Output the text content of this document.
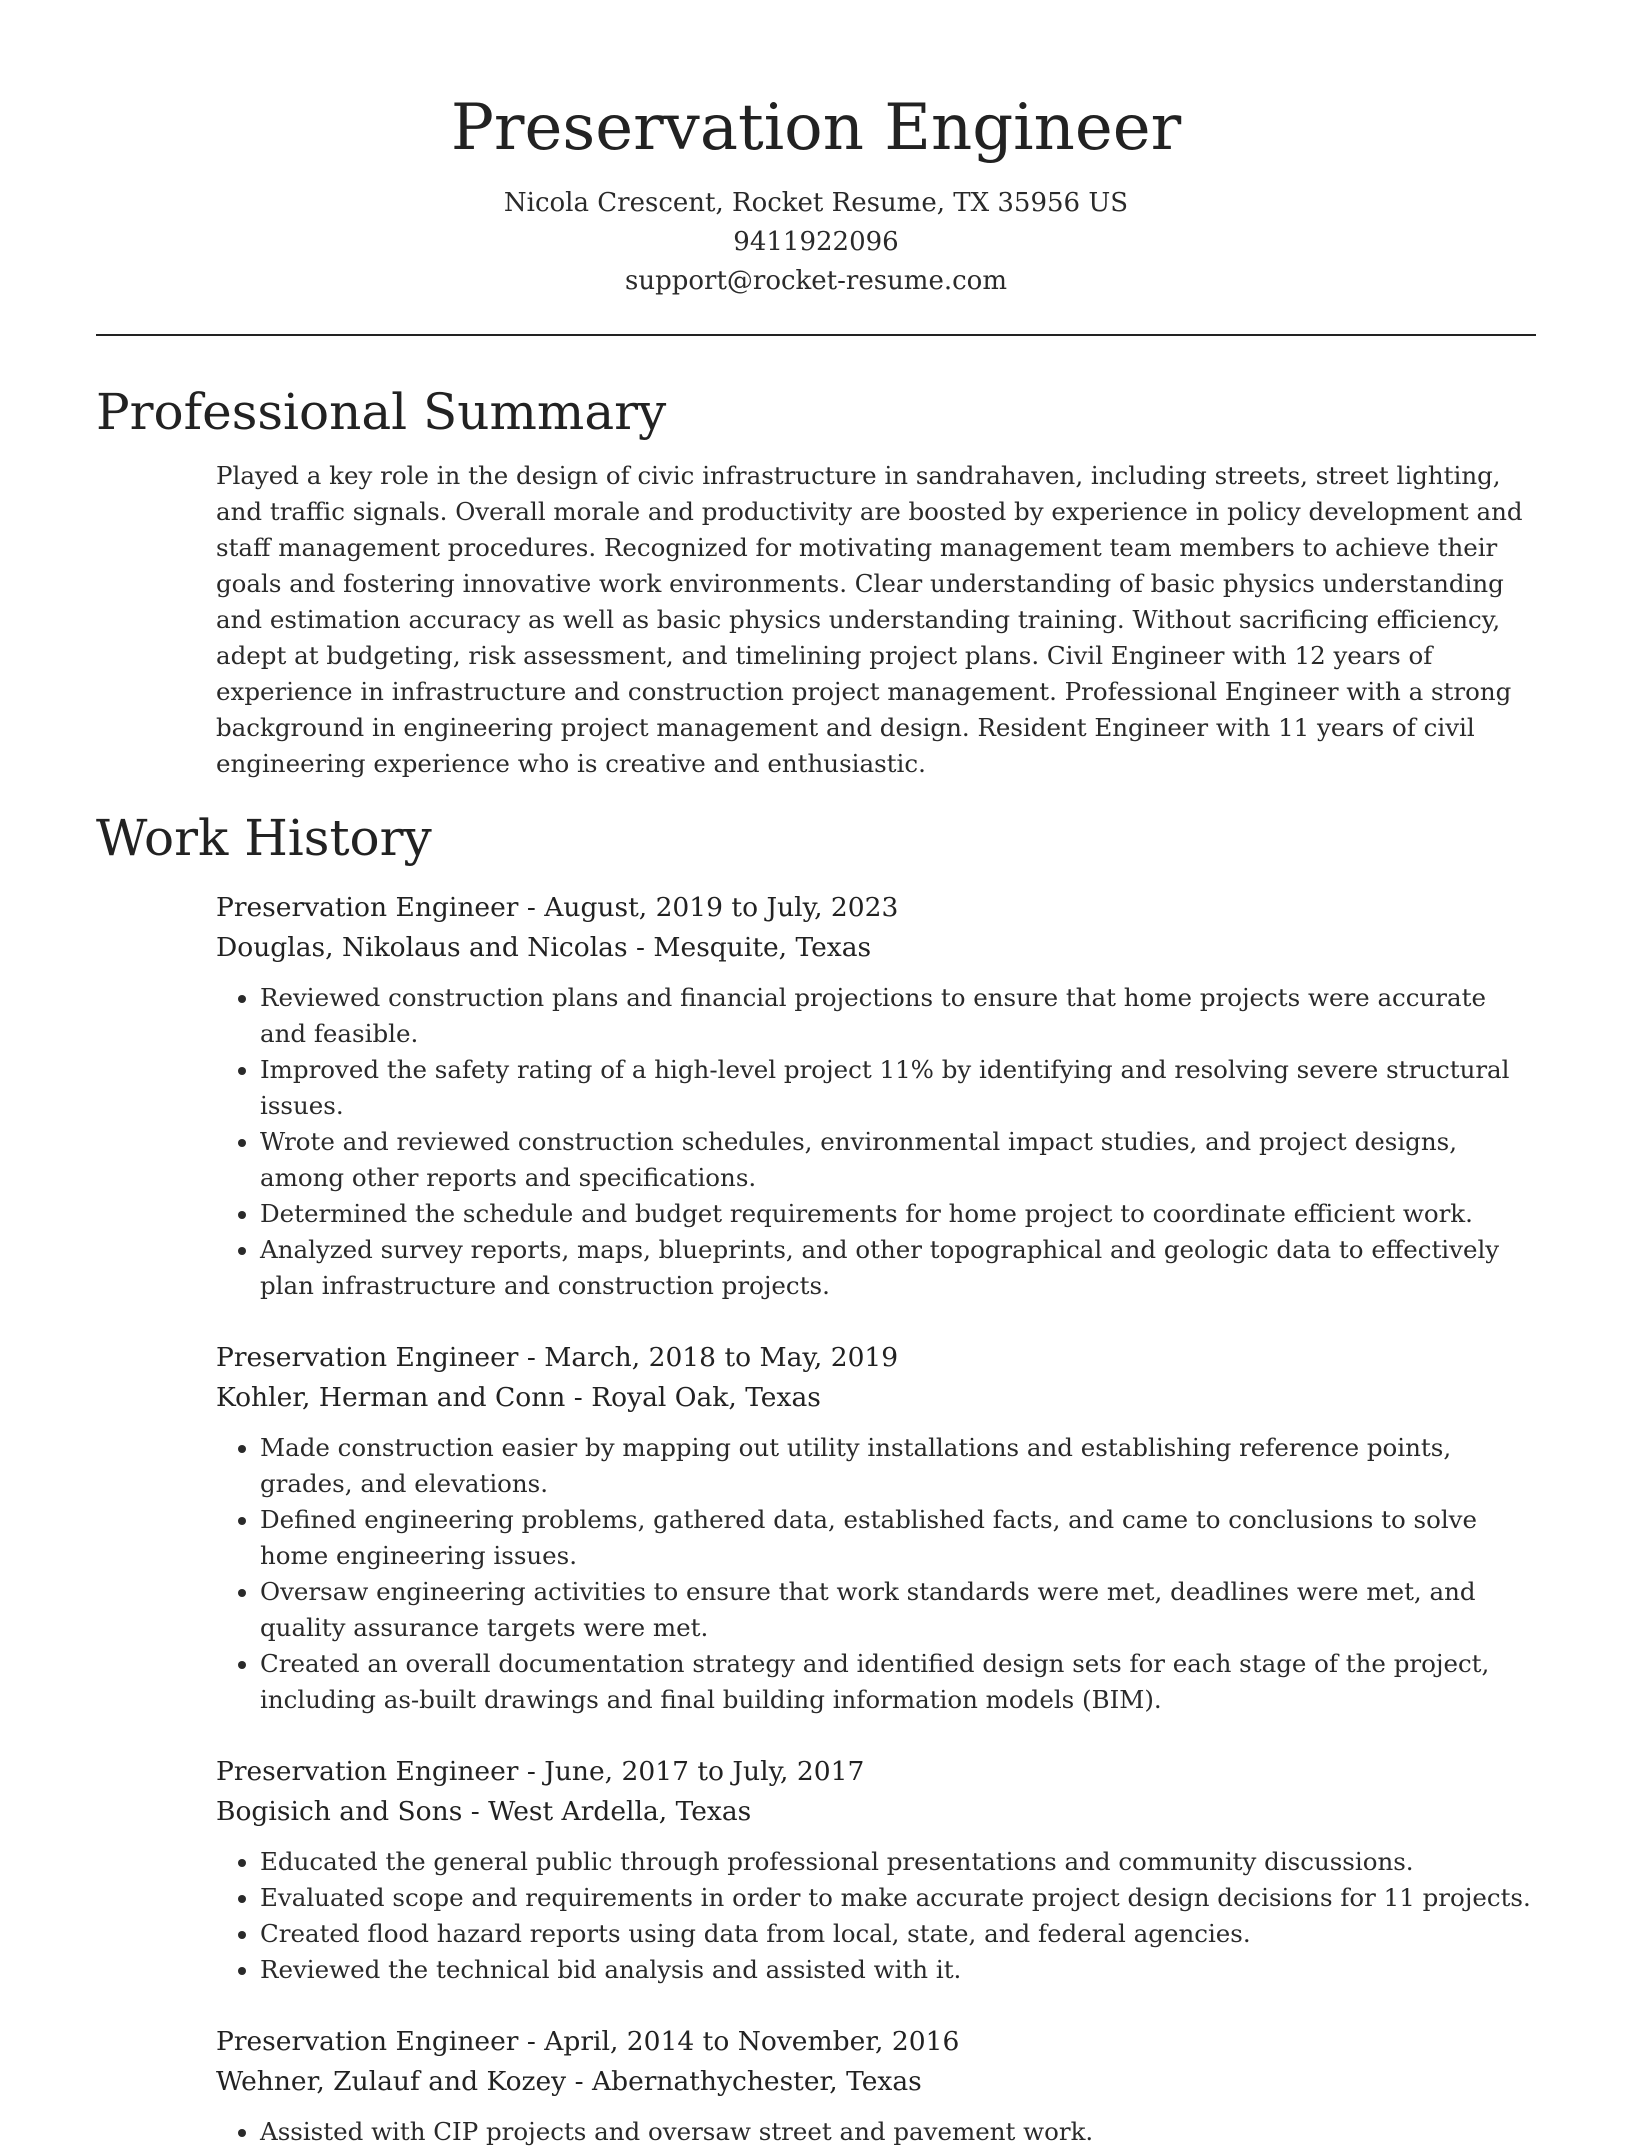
Preservation Engineer
Nicola Crescent, Rocket Resume, TX 35956 US
9411922096
support@rocket-resume.com
Professional Summary

Played a key role in the design of civic infrastructure in sandrahaven, including streets, street lighting, and traffic signals. Overall morale and productivity are boosted by experience in policy development and staff management procedures. Recognized for motivating management team members to achieve their goals and fostering innovative work environments. Clear understanding of basic physics understanding and estimation accuracy as well as basic physics understanding training. Without sacrificing efficiency, adept at budgeting, risk assessment, and timelining project plans. Civil Engineer with 12 years of experience in infrastructure and construction project management. Professional Engineer with a strong background in engineering project management and design. Resident Engineer with 11 years of civil engineering experience who is creative and enthusiastic.

Work History
Preservation Engineer - August, 2019 to July, 2023
Douglas, Nikolaus and Nicolas - Mesquite, Texas
• Reviewed construction plans and financial projections to ensure that home projects were accurate and feasible.
• Improved the safety rating of a high-level project 11% by identifying and resolving severe structural issues.
• Wrote and reviewed construction schedules, environmental impact studies, and project designs, among other reports and specifications.
• Determined the schedule and budget requirements for home project to coordinate efficient work.
• Analyzed survey reports, maps, blueprints, and other topographical and geologic data to effectively plan infrastructure and construction projects.
Preservation Engineer - March, 2018 to May, 2019
Kohler, Herman and Conn - Royal Oak, Texas
• Made construction easier by mapping out utility installations and establishing reference points, grades, and elevations.
• Defined engineering problems, gathered data, established facts, and came to conclusions to solve home engineering issues.
• Oversaw engineering activities to ensure that work standards were met, deadlines were met, and quality assurance targets were met.
• Created an overall documentation strategy and identified design sets for each stage of the project, including as-built drawings and final building information models (BIM).
Preservation Engineer - June, 2017 to July, 2017
Bogisich and Sons - West Ardella, Texas
• Educated the general public through professional presentations and community discussions.
• Evaluated scope and requirements in order to make accurate project design decisions for 11 projects.
• Created flood hazard reports using data from local, state, and federal agencies.
• Reviewed the technical bid analysis and assisted with it.
Preservation Engineer - April, 2014 to November, 2016
Wehner, Zulauf and Kozey - Abernathychester, Texas
• Assisted with CIP projects and oversaw street and pavement work.
